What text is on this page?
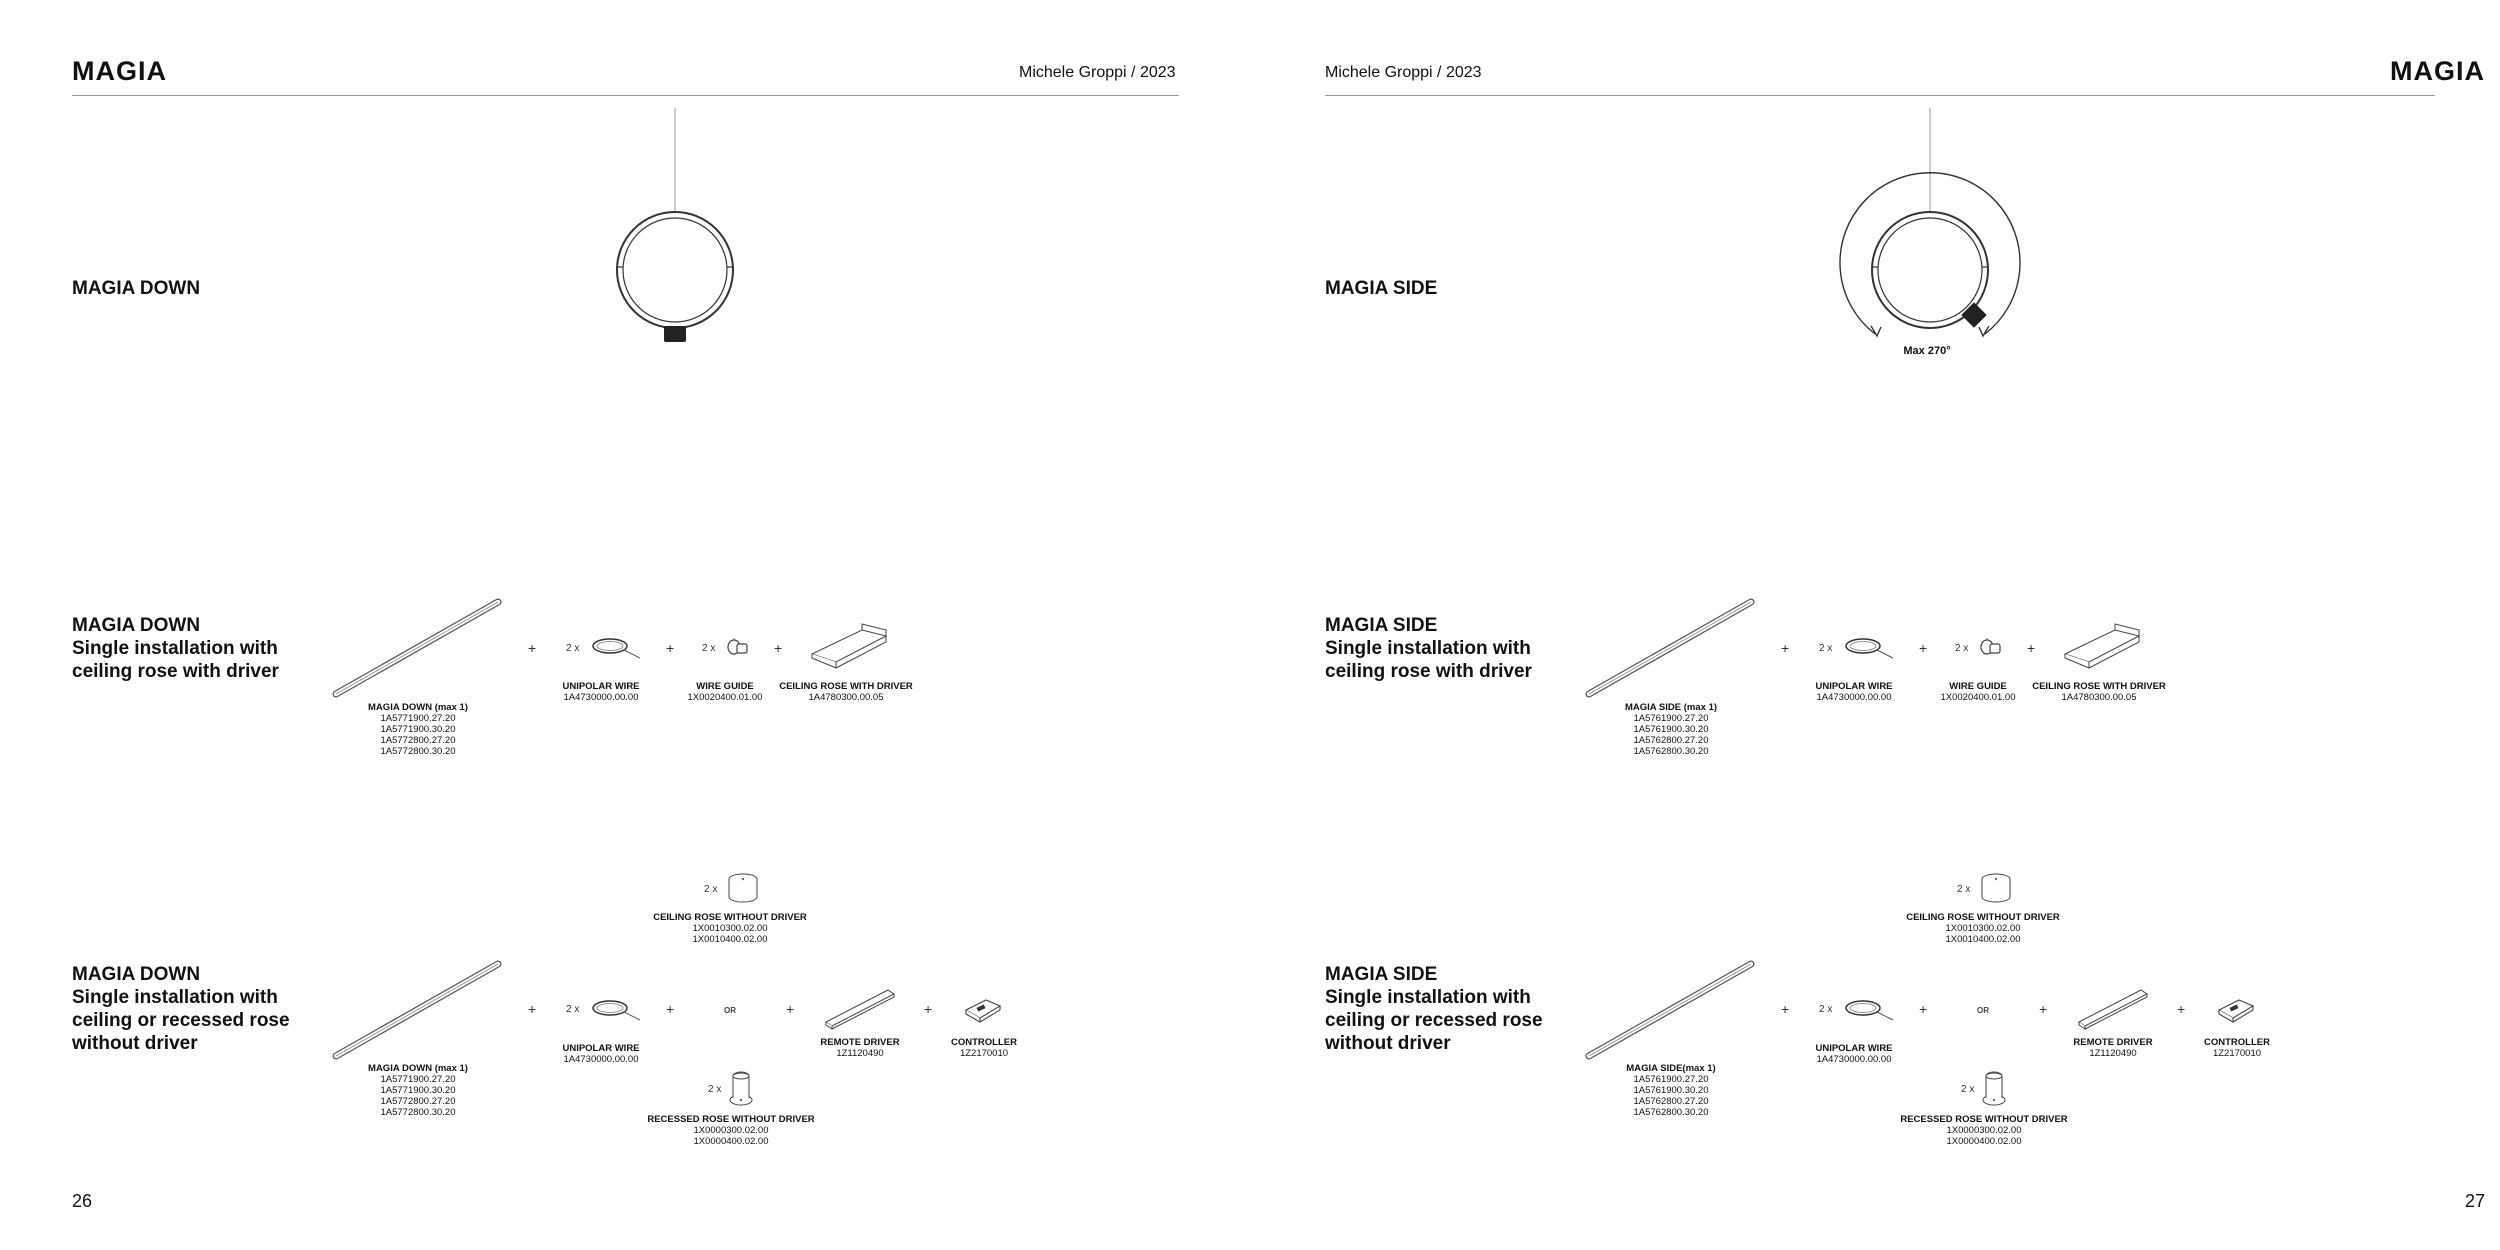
MAGIA	Michele Groppi / 2023
MAGIA DOWN
MAGIA DOWN
Single installation with
ceiling rose with driver
MAGIA DOWN (max 1)
1A5771900.27.20
1A5771900.30.20
1A5772800.27.20
1A5772800.30.20
+	2 x
UNIPOLAR WIRE
1A4730000.00.00
+	2 x
WIRE GUIDE
1X0020400.01.00
+
CEILING ROSE WITH DRIVER
1A4780300.00.05
MAGIA DOWN
Single installation with
ceiling or recessed rose
without driver
MAGIA DOWN (max 1)
1A5771900.27.20
1A5771900.30.20
1A5772800.27.20
1A5772800.30.20
+	2 x
UNIPOLAR WIRE
1A4730000.00.00
+
2 x
CEILING ROSE WITHOUT DRIVER
1X0010300.02.00
1X0010400.02.00
OR
2 x
RECESSED ROSE WITHOUT DRIVER
1X0000300.02.00
1X0000400.02.00
+
REMOTE DRIVER
1Z1120490
+
CONTROLLER
1Z2170010
26
Michele Groppi / 2023	MAGIA
MAGIA SIDE
Max 270°
MAGIA SIDE
Single installation with
ceiling rose with driver
MAGIA SIDE (max 1)
1A5761900.27.20
1A5761900.30.20
1A5762800.27.20
1A5762800.30.20
+	2 x
UNIPOLAR WIRE
1A4730000.00.00
+	2 x
WIRE GUIDE
1X0020400.01.00
+
CEILING ROSE WITH DRIVER
1A4780300.00.05
MAGIA SIDE
Single installation with
ceiling or recessed rose
without driver
MAGIA SIDE(max 1)
1A5761900.27.20
1A5761900.30.20
1A5762800.27.20
1A5762800.30.20
+	2 x
UNIPOLAR WIRE
1A4730000.00.00
+
2 x
CEILING ROSE WITHOUT DRIVER
1X0010300.02.00
1X0010400.02.00
OR
2 x
RECESSED ROSE WITHOUT DRIVER
1X0000300.02.00
1X0000400.02.00
+
REMOTE DRIVER
1Z1120490
+
CONTROLLER
1Z2170010
27
